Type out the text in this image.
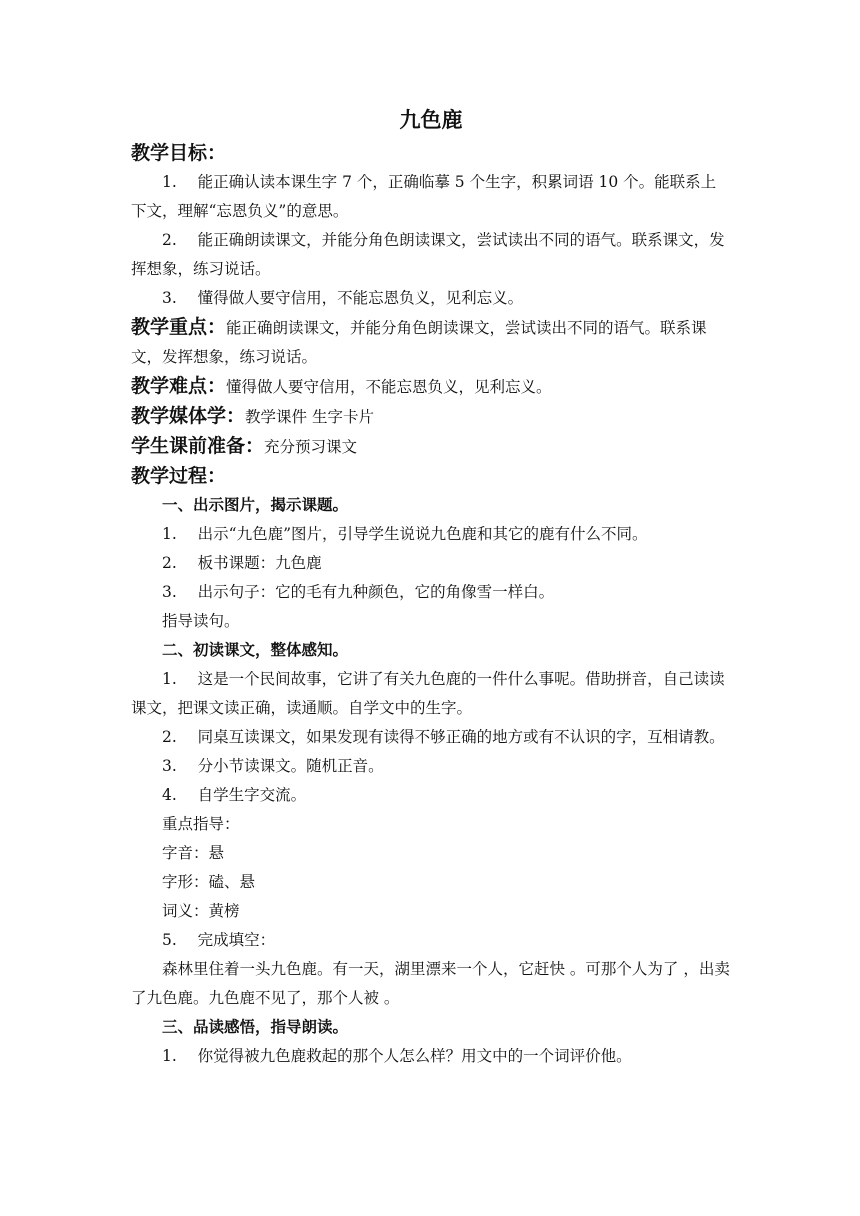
九色鹿
教学目标：

1. 能正确认读本课生字 7 个，正确临摹 5 个生字，积累词语 10 个。能联系上下文，理解“忘恩负义”的意思。

2. 能正确朗读课文，并能分角色朗读课文，尝试读出不同的语气。联系课文，发挥想象，练习说话。

3. 懂得做人要守信用，不能忘恩负义，见利忘义。

教学重点：能正确朗读课文，并能分角色朗读课文，尝试读出不同的语气。联系课文，发挥想象，练习说话。

教学难点：懂得做人要守信用，不能忘恩负义，见利忘义。

教学媒体学：教学课件 生字卡片

学生课前准备：充分预习课文

教学过程：

一、出示图片，揭示课题。

1. 出示“九色鹿”图片，引导学生说说九色鹿和其它的鹿有什么不同。

2. 板书课题：九色鹿

3. 出示句子：它的毛有九种颜色，它的角像雪一样白。

指导读句。

二、初读课文，整体感知。

1. 这是一个民间故事，它讲了有关九色鹿的一件什么事呢。借助拼音，自己读读课文，把课文读正确，读通顺。自学文中的生字。

2. 同桌互读课文，如果发现有读得不够正确的地方或有不认识的字，互相请教。

3. 分小节读课文。随机正音。

4. 自学生字交流。

重点指导：

字音：悬

字形：磕、悬

词义：黄榜

5. 完成填空：

森林里住着一头九色鹿。有一天，湖里漂来一个人，它赶快 。可那个人为了 ，出卖了九色鹿。九色鹿不见了，那个人被 。

三、品读感悟，指导朗读。

1. 你觉得被九色鹿救起的那个人怎么样？用文中的一个词评价他。
